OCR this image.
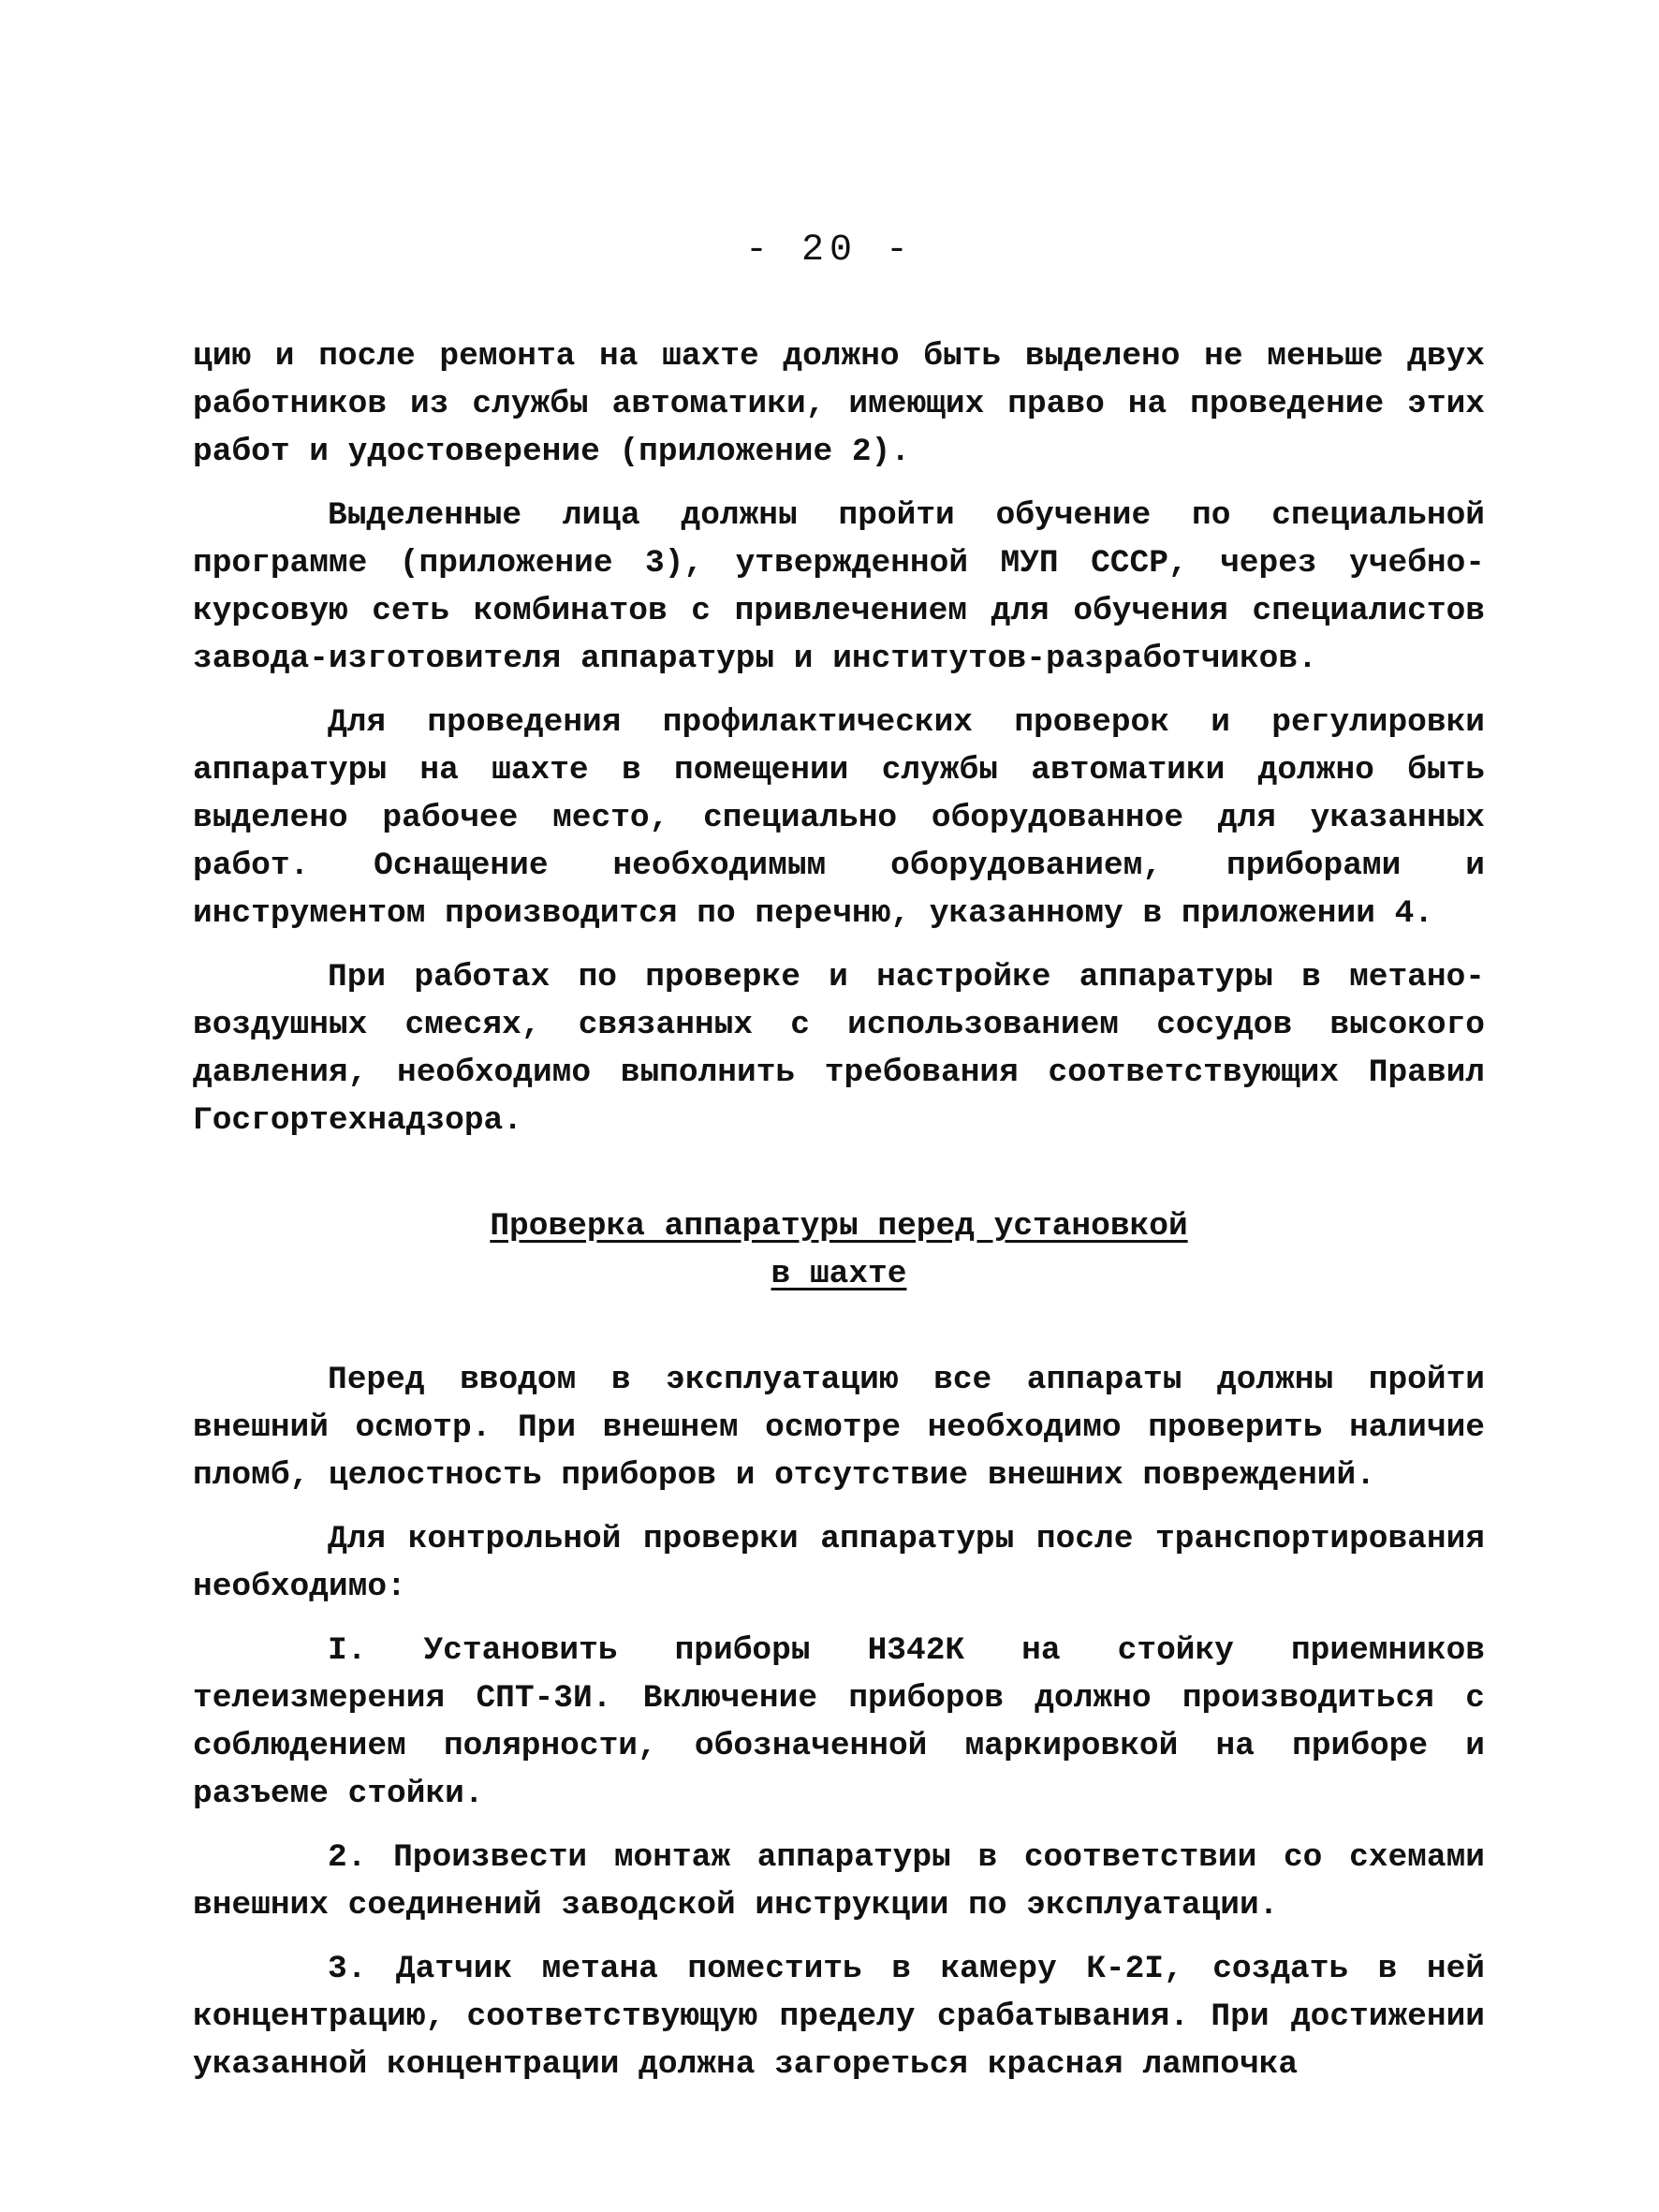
- 20 -

цию и после ремонта на шахте должно быть выделено не меньше двух работников из службы автоматики, имеющих право на проведение этих работ и удостоверение (приложение 2).

Выделенные лица должны пройти обучение по специальной программе (приложение 3), утвержденной МУП СССР, через учебно-курсовую сеть комбинатов с привлечением для обучения специалистов завода-изготовителя аппаратуры и институтов-разработчиков.

Для проведения профилактических проверок и регулировки аппаратуры на шахте в помещении службы автоматики должно быть выделено рабочее место, специально оборудованное для указанных работ. Оснащение необходимым оборудованием, приборами и инструментом производится по перечню, указанному в приложении 4.

При работах по проверке и настройке аппаратуры в метано-воздушных смесях, связанных с использованием сосудов высокого давления, необходимо выполнить требования соответствующих Правил Госгортехнадзора.

Проверка аппаратуры перед установкой
в шахте

Перед вводом в эксплуатацию все аппараты должны пройти внешний осмотр. При внешнем осмотре необходимо проверить наличие пломб, целостность приборов и отсутствие внешних повреждений.

Для контрольной проверки аппаратуры после транспортирования необходимо:

I. Установить приборы Н342К на стойку приемников телеизмерения СПТ-3И. Включение приборов должно производиться с соблюдением полярности, обозначенной маркировкой на приборе и разъеме стойки.

2. Произвести монтаж аппаратуры в соответствии со схемами внешних соединений заводской инструкции по эксплуатации.

3. Датчик метана поместить в камеру К-2I, создать в ней концентрацию, соответствующую пределу срабатывания. При достижении указанной концентрации должна загореться красная лампочка
